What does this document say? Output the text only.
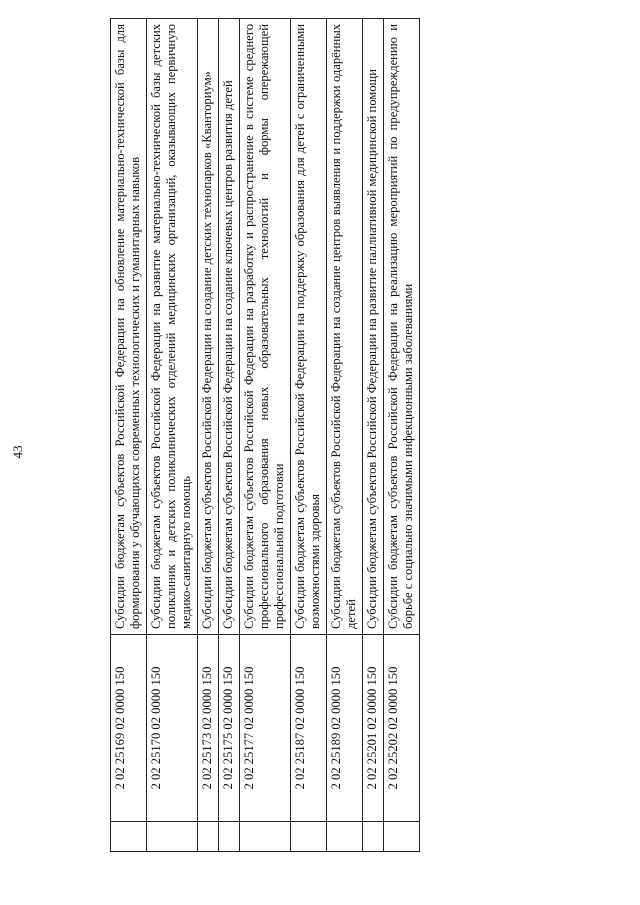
43
	2 02 25169 02 0000 150	Субсидии бюджетам субъектов Российской Федерации на обновление материально-технической базы для формирования у обучающихся современных технологических и гуманитарных навыков
	2 02 25170 02 0000 150	Субсидии бюджетам субъектов Российской Федерации на развитие материально-технической базы детских поликлиник и детских поликлинических отделений медицинских организаций, оказывающих первичную медико-санитарную помощь
	2 02 25173 02 0000 150	Субсидии бюджетам субъектов Российской Федерации на создание детских технопарков «Кванториум»
	2 02 25175 02 0000 150	Субсидии бюджетам субъектов Российской Федерации на создание ключевых центров развития детей
	2 02 25177 02 0000 150	Субсидии бюджетам субъектов Российской Федерации на разработку и распространение в системе среднего профессионального образования новых образовательных технологий и формы опережающей профессиональной подготовки
	2 02 25187 02 0000 150	Субсидии бюджетам субъектов Российской Федерации на поддержку образования для детей с ограниченными возможностями здоровья
	2 02 25189 02 0000 150	Субсидии бюджетам субъектов Российской Федерации на создание центров выявления и поддержки одарённых детей
	2 02 25201 02 0000 150	Субсидии бюджетам субъектов Российской Федерации на развитие паллиативной медицинской помощи
	2 02 25202 02 0000 150	Субсидии бюджетам субъектов Российской Федерации на реализацию мероприятий по предупреждению и борьбе с социально значимыми инфекционными заболеваниями
